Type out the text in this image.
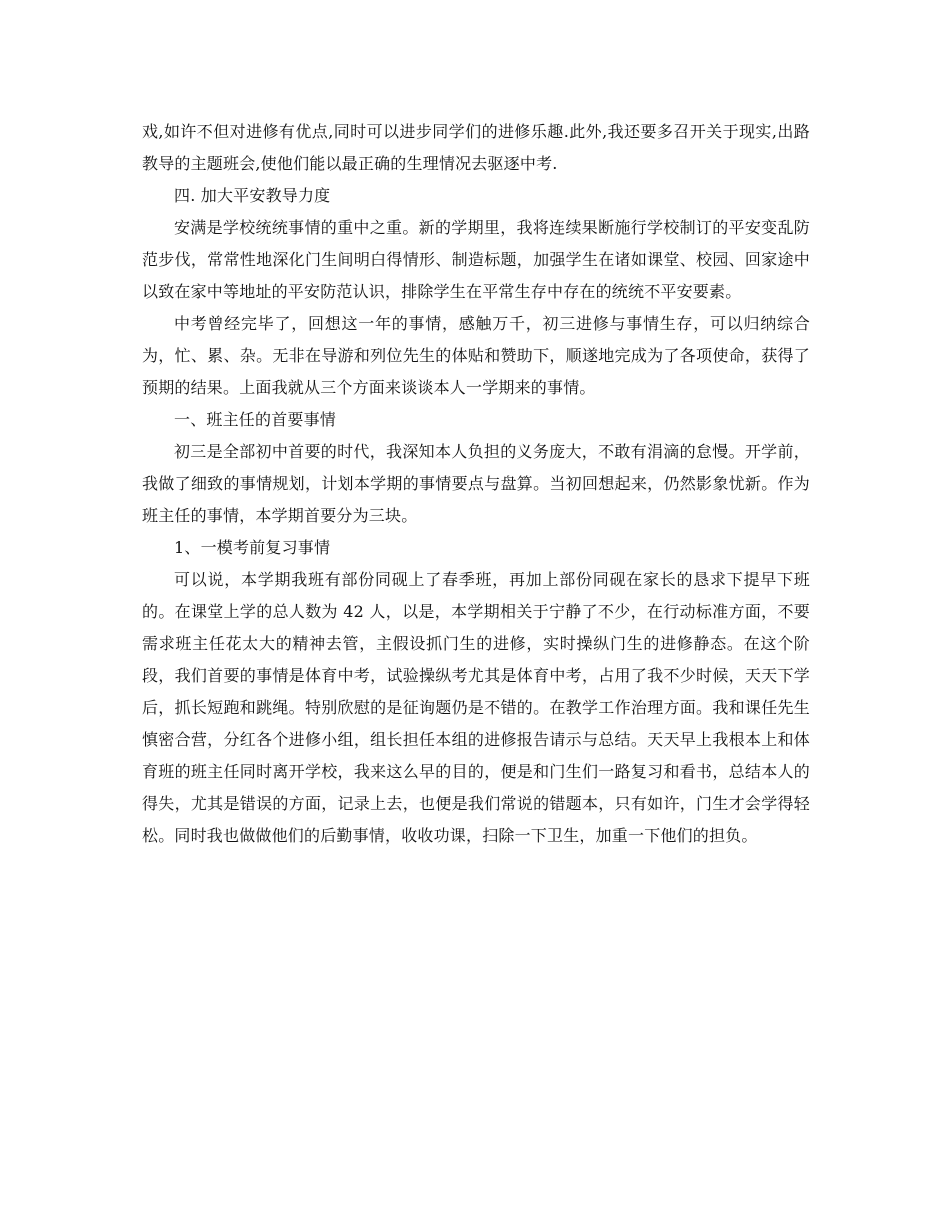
戏,如许不但对进修有优点,同时可以进步同学们的进修乐趣.此外,我还要多召开关于现实,出路教导的主题班会,使他们能以最正确的生理情况去驱逐中考.

四. 加大平安教导力度

安满是学校统统事情的重中之重。新的学期里，我将连续果断施行学校制订的平安变乱防范步伐，常常性地深化门生间明白得情形、制造标题，加强学生在诸如课堂、校园、回家途中以致在家中等地址的平安防范认识，排除学生在平常生存中存在的统统不平安要素。

中考曾经完毕了，回想这一年的事情，感触万千，初三进修与事情生存，可以归纳综合为，忙、累、杂。无非在导游和列位先生的体贴和赞助下，顺遂地完成为了各项使命，获得了预期的结果。上面我就从三个方面来谈谈本人一学期来的事情。

一、班主任的首要事情

初三是全部初中首要的时代，我深知本人负担的义务庞大，不敢有涓滴的怠慢。开学前，我做了细致的事情规划，计划本学期的事情要点与盘算。当初回想起来，仍然影象忧新。作为班主任的事情，本学期首要分为三块。

1、一模考前复习事情

可以说，本学期我班有部份同砚上了春季班，再加上部份同砚在家长的恳求下提早下班的。在课堂上学的总人数为 42 人，以是，本学期相关于宁静了不少，在行动标准方面，不要需求班主任花太大的精神去管，主假设抓门生的进修，实时操纵门生的进修静态。在这个阶段，我们首要的事情是体育中考，试验操纵考尤其是体育中考，占用了我不少时候，天天下学后，抓长短跑和跳绳。特别欣慰的是征询题仍是不错的。在教学工作治理方面。我和课任先生慎密合营，分红各个进修小组，组长担任本组的进修报告请示与总结。天天早上我根本上和体育班的班主任同时离开学校，我来这么早的目的，便是和门生们一路复习和看书，总结本人的得失，尤其是错误的方面，记录上去，也便是我们常说的错题本，只有如许，门生才会学得轻松。同时我也做做他们的后勤事情，收收功课，扫除一下卫生，加重一下他们的担负。
